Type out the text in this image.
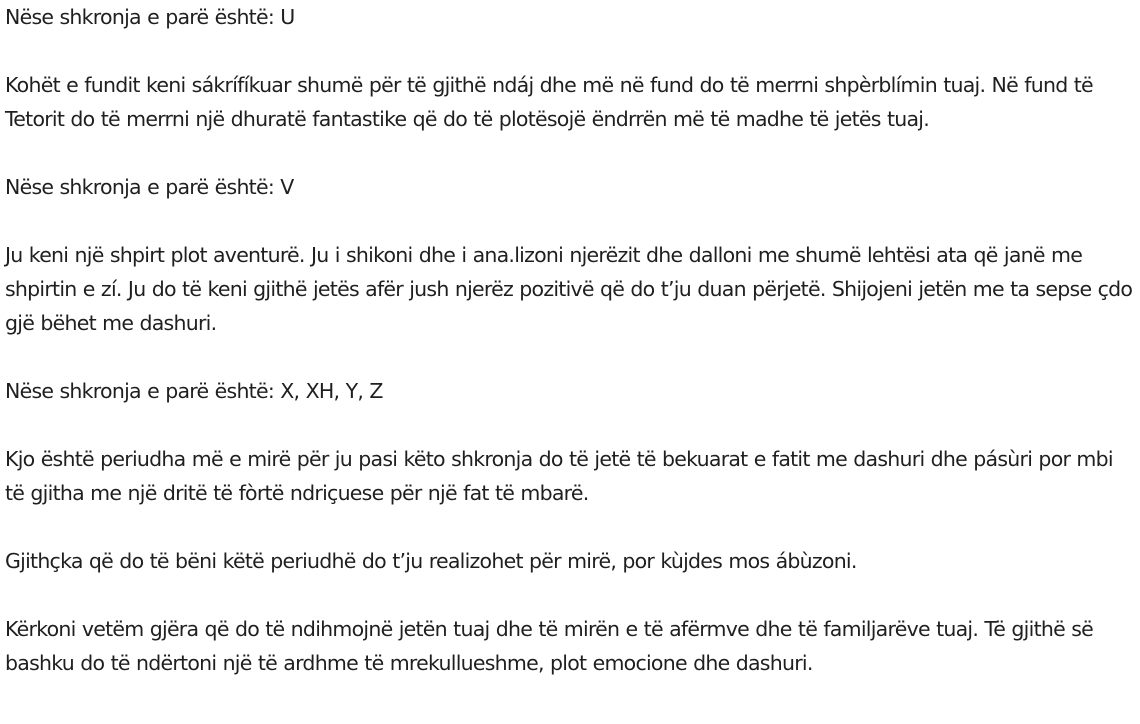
Nëse shkronja e parë është: U

Kohët e fundit keni sákrífíkuar shumë për të gjithë ndáj dhe më në fund do të merrni shpèrblímin tuaj. Në fund të Tetorit do të merrni një dhuratë fantastike që do të plotësojë ëndrrën më të madhe të jetës tuaj.

Nëse shkronja e parë është: V

Ju keni një shpirt plot aventurë. Ju i shikoni dhe i ana.lizoni njerëzit dhe dalloni me shumë lehtësi ata që janë me shpirtin e zí. Ju do të keni gjithë jetës afër jush njerëz pozitivë që do t’ju duan përjetë. Shijojeni jetën me ta sepse çdo gjë bëhet me dashuri.

Nëse shkronja e parë është: X, XH, Y, Z

Kjo është periudha më e mirë për ju pasi këto shkronja do të jetë të bekuarat e fatit me dashuri dhe pásùri por mbi të gjitha me një dritë të fòrtë ndriçuese për një fat të mbarë.

Gjithçka që do të bëni këtë periudhë do t’ju realizohet për mirë, por kùjdes mos ábùzoni.

Kërkoni vetëm gjëra që do të ndihmojnë jetën tuaj dhe të mirën e të afërmve dhe të familjarëve tuaj. Të gjithë së bashku do të ndërtoni një të ardhme të mrekullueshme, plot emocione dhe dashuri.
